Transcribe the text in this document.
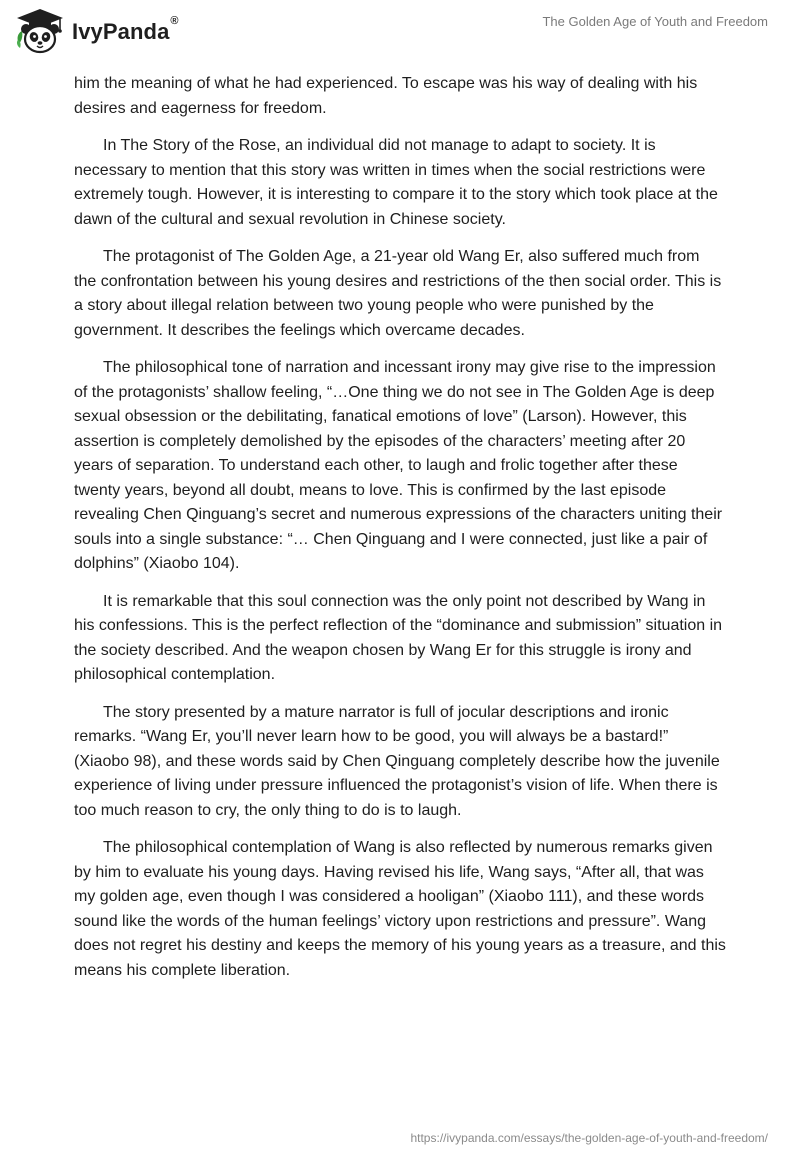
IvyPanda®	The Golden Age of Youth and Freedom

him the meaning of what he had experienced. To escape was his way of dealing with his desires and eagerness for freedom.

In The Story of the Rose, an individual did not manage to adapt to society. It is necessary to mention that this story was written in times when the social restrictions were extremely tough. However, it is interesting to compare it to the story which took place at the dawn of the cultural and sexual revolution in Chinese society.

The protagonist of The Golden Age, a 21-year old Wang Er, also suffered much from the confrontation between his young desires and restrictions of the then social order. This is a story about illegal relation between two young people who were punished by the government. It describes the feelings which overcame decades.

The philosophical tone of narration and incessant irony may give rise to the impression of the protagonists’ shallow feeling, “…One thing we do not see in The Golden Age is deep sexual obsession or the debilitating, fanatical emotions of love” (Larson). However, this assertion is completely demolished by the episodes of the characters’ meeting after 20 years of separation. To understand each other, to laugh and frolic together after these twenty years, beyond all doubt, means to love. This is confirmed by the last episode revealing Chen Qinguang’s secret and numerous expressions of the characters uniting their souls into a single substance: “… Chen Qinguang and I were connected, just like a pair of dolphins” (Xiaobo 104).

It is remarkable that this soul connection was the only point not described by Wang in his confessions. This is the perfect reflection of the “dominance and submission” situation in the society described. And the weapon chosen by Wang Er for this struggle is irony and philosophical contemplation.

The story presented by a mature narrator is full of jocular descriptions and ironic remarks. “Wang Er, you’ll never learn how to be good, you will always be a bastard!” (Xiaobo 98), and these words said by Chen Qinguang completely describe how the juvenile experience of living under pressure influenced the protagonist’s vision of life. When there is too much reason to cry, the only thing to do is to laugh.

The philosophical contemplation of Wang is also reflected by numerous remarks given by him to evaluate his young days. Having revised his life, Wang says, “After all, that was my golden age, even though I was considered a hooligan” (Xiaobo 111), and these words sound like the words of the human feelings’ victory upon restrictions and pressure”. Wang does not regret his destiny and keeps the memory of his young years as a treasure, and this means his complete liberation.

https://ivypanda.com/essays/the-golden-age-of-youth-and-freedom/
